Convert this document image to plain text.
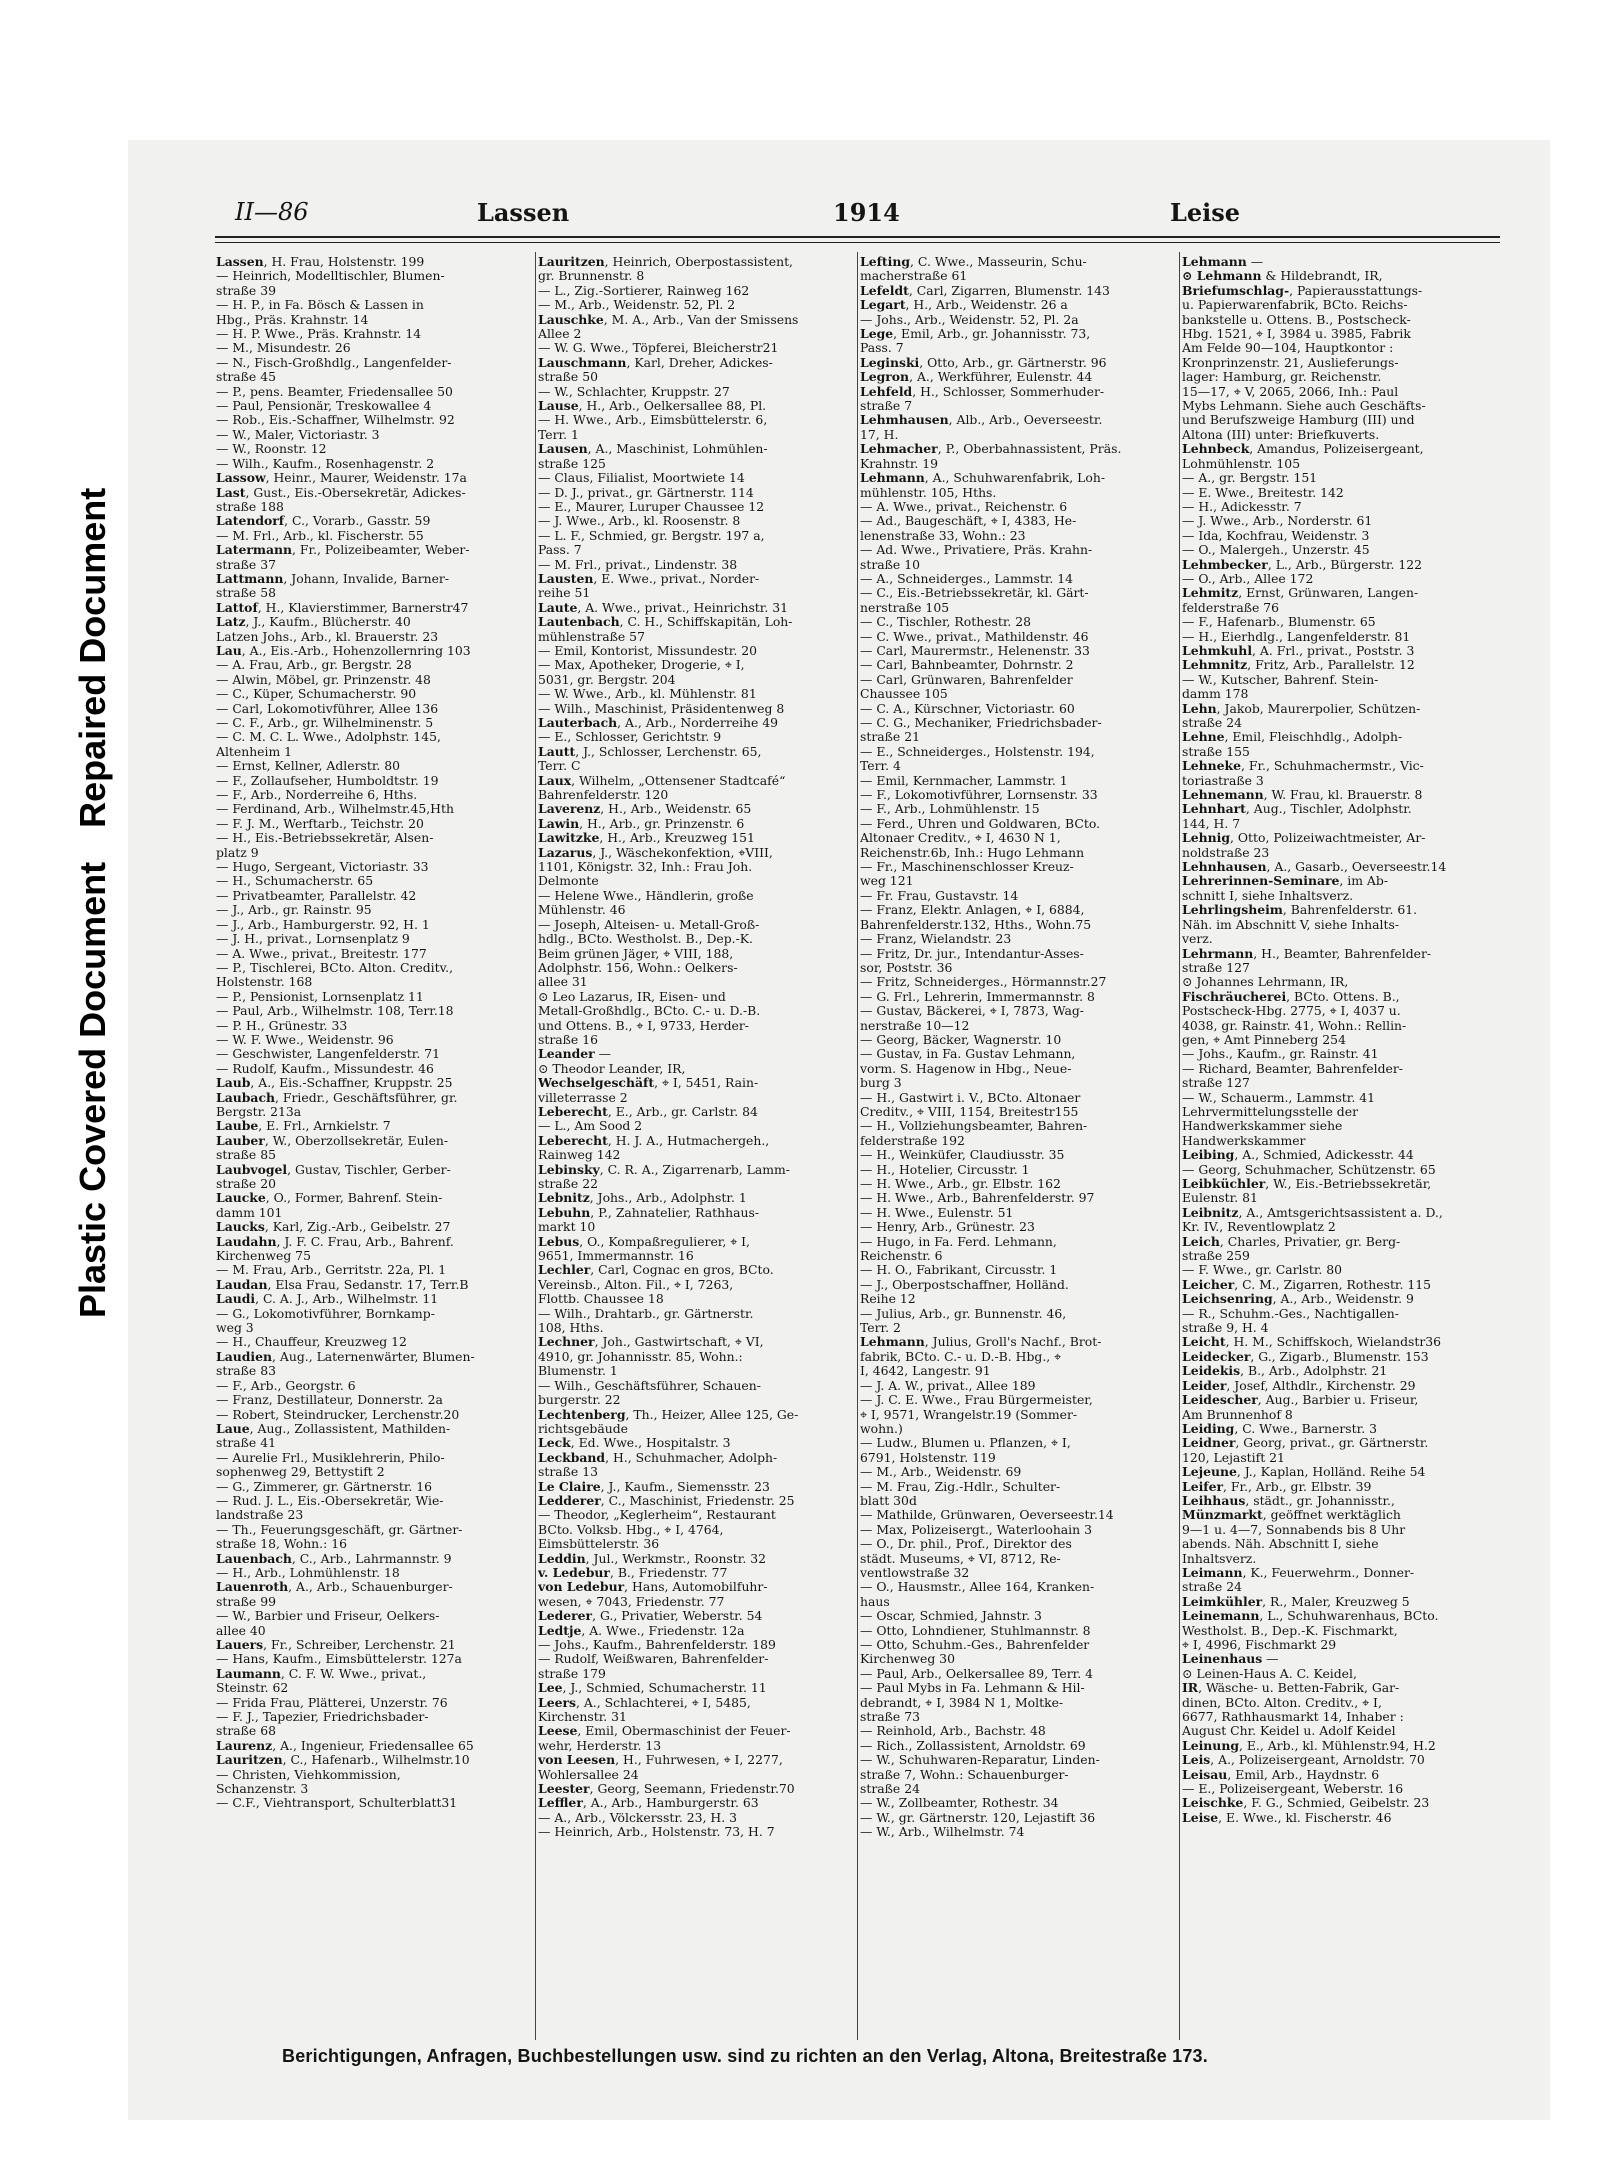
Plastic Covered Document
Repaired Document
II—86	Lassen	1914	Leise

Lassen, H. Frau, Holstenstr. 199

— Heinrich, Modelltischler, Blumen-

straße 39

— H. P., in Fa. Bösch & Lassen in

Hbg., Präs. Krahnstr. 14

— H. P. Wwe., Präs. Krahnstr. 14

— M., Misundestr. 26

— N., Fisch-Großhdlg., Langenfelder-

straße 45

— P., pens. Beamter, Friedensallee 50

— Paul, Pensionär, Treskowallee 4

— Rob., Eis.-Schaffner, Wilhelmstr. 92

— W., Maler, Victoriastr. 3

— W., Roonstr. 12

— Wilh., Kaufm., Rosenhagenstr. 2

Lassow, Heinr., Maurer, Weidenstr. 17a

Last, Gust., Eis.-Obersekretär, Adickes-

straße 188

Latendorf, C., Vorarb., Gasstr. 59

— M. Frl., Arb., kl. Fischerstr. 55

Latermann, Fr., Polizeibeamter, Weber-

straße 37

Lattmann, Johann, Invalide, Barner-

straße 58

Lattof, H., Klavierstimmer, Barnerstr47

Latz, J., Kaufm., Blücherstr. 40

Latzen Johs., Arb., kl. Brauerstr. 23

Lau, A., Eis.-Arb., Hohenzollernring 103

— A. Frau, Arb., gr. Bergstr. 28

— Alwin, Möbel, gr. Prinzenstr. 48

— C., Küper, Schumacherstr. 90

— Carl, Lokomotivführer, Allee 136

— C. F., Arb., gr. Wilhelminenstr. 5

— C. M. C. L. Wwe., Adolphstr. 145,

Altenheim 1

— Ernst, Kellner, Adlerstr. 80

— F., Zollaufseher, Humboldtstr. 19

— F., Arb., Norderreihe 6, Hths.

— Ferdinand, Arb., Wilhelmstr.45,Hth

— F. J. M., Werftarb., Teichstr. 20

— H., Eis.-Betriebssekretär, Alsen-

platz 9

— Hugo, Sergeant, Victoriastr. 33

— H., Schumacherstr. 65

— Privatbeamter, Parallelstr. 42

— J., Arb., gr. Rainstr. 95

— J., Arb., Hamburgerstr. 92, H. 1

— J. H., privat., Lornsenplatz 9

— A. Wwe., privat., Breitestr. 177

— P., Tischlerei, BCto. Alton. Creditv.,

Holstenstr. 168

— P., Pensionist, Lornsenplatz 11

— Paul, Arb., Wilhelmstr. 108, Terr.18

— P. H., Grünestr. 33

— W. F. Wwe., Weidenstr. 96

— Geschwister, Langenfelderstr. 71

— Rudolf, Kaufm., Missundestr. 46

Laub, A., Eis.-Schaffner, Kruppstr. 25

Laubach, Friedr., Geschäftsführer, gr.

Bergstr. 213a

Laube, E. Frl., Arnkielstr. 7

Lauber, W., Oberzollsekretär, Eulen-

straße 85

Laubvogel, Gustav, Tischler, Gerber-

straße 20

Laucke, O., Former, Bahrenf. Stein-

damm 101

Laucks, Karl, Zig.-Arb., Geibelstr. 27

Laudahn, J. F. C. Frau, Arb., Bahrenf.

Kirchenweg 75

— M. Frau, Arb., Gerritstr. 22a, Pl. 1

Laudan, Elsa Frau, Sedanstr. 17, Terr.B

Laudi, C. A. J., Arb., Wilhelmstr. 11

— G., Lokomotivführer, Bornkamp-

weg 3

— H., Chauffeur, Kreuzweg 12

Laudien, Aug., Laternenwärter, Blumen-

straße 83

— F., Arb., Georgstr. 6

— Franz, Destillateur, Donnerstr. 2a

— Robert, Steindrucker, Lerchenstr.20

Laue, Aug., Zollassistent, Mathilden-

straße 41

— Aurelie Frl., Musiklehrerin, Philo-

sophenweg 29, Bettystift 2

— G., Zimmerer, gr. Gärtnerstr. 16

— Rud. J. L., Eis.-Obersekretär, Wie-

landstraße 23

— Th., Feuerungsgeschäft, gr. Gärtner-

straße 18, Wohn.: 16

Lauenbach, C., Arb., Lahrmannstr. 9

— H., Arb., Lohmühlenstr. 18

Lauenroth, A., Arb., Schauenburger-

straße 99

— W., Barbier und Friseur, Oelkers-

allee 40

Lauers, Fr., Schreiber, Lerchenstr. 21

— Hans, Kaufm., Eimsbüttelerstr. 127a

Laumann, C. F. W. Wwe., privat.,

Steinstr. 62

— Frida Frau, Plätterei, Unzerstr. 76

— F. J., Tapezier, Friedrichsbader-

straße 68

Laurenz, A., Ingenieur, Friedensallee 65

Lauritzen, C., Hafenarb., Wilhelmstr.10

— Christen, Viehkommission,

Schanzenstr. 3

— C.F., Viehtransport, Schulterblatt31

Lauritzen, Heinrich, Oberpostassistent,

gr. Brunnenstr. 8

— L., Zig.-Sortierer, Rainweg 162

— M., Arb., Weidenstr. 52, Pl. 2

Lauschke, M. A., Arb., Van der Smissens

Allee 2

— W. G. Wwe., Töpferei, Bleicherstr21

Lauschmann, Karl, Dreher, Adickes-

straße 50

— W., Schlachter, Kruppstr. 27

Lause, H., Arb., Oelkersallee 88, Pl.

— H. Wwe., Arb., Eimsbüttelerstr. 6,

Terr. 1

Lausen, A., Maschinist, Lohmühlen-

straße 125

— Claus, Filialist, Moortwiete 14

— D. J., privat., gr. Gärtnerstr. 114

— E., Maurer, Luruper Chaussee 12

— J. Wwe., Arb., kl. Roosenstr. 8

— L. F., Schmied, gr. Bergstr. 197 a,

Pass. 7

— M. Frl., privat., Lindenstr. 38

Lausten, E. Wwe., privat., Norder-

reihe 51

Laute, A. Wwe., privat., Heinrichstr. 31

Lautenbach, C. H., Schiffskapitän, Loh-

mühlenstraße 57

— Emil, Kontorist, Missundestr. 20

— Max, Apotheker, Drogerie, ⌖ I,

5031, gr. Bergstr. 204

— W. Wwe., Arb., kl. Mühlenstr. 81

— Wilh., Maschinist, Präsidentenweg 8

Lauterbach, A., Arb., Norderreihe 49

— E., Schlosser, Gerichtstr. 9

Lautt, J., Schlosser, Lerchenstr. 65,

Terr. C

Laux, Wilhelm, „Ottensener Stadtcafé“

Bahrenfelderstr. 120

Laverenz, H., Arb., Weidenstr. 65

Lawin, H., Arb., gr. Prinzenstr. 6

Lawitzke, H., Arb., Kreuzweg 151

Lazarus, J., Wäschekonfektion, ⌖VIII,

1101, Königstr. 32, Inh.: Frau Joh.

Delmonte

— Helene Wwe., Händlerin, große

Mühlenstr. 46

— Joseph, Alteisen- u. Metall-Groß-

hdlg., BCto. Westholst. B., Dep.-K.

Beim grünen Jäger, ⌖ VIII, 188,

Adolphstr. 156, Wohn.: Oelkers-

allee 31

⊙ Leo Lazarus, IR, Eisen- und

Metall-Großhdlg., BCto. C.- u. D.-B.

und Ottens. B., ⌖ I, 9733, Herder-

straße 16

Leander —

⊙ Theodor Leander, IR,

Wechselgeschäft, ⌖ I, 5451, Rain-

villeterrasse 2

Leberecht, E., Arb., gr. Carlstr. 84

— L., Am Sood 2

Leberecht, H. J. A., Hutmachergeh.,

Rainweg 142

Lebinsky, C. R. A., Zigarrenarb, Lamm-

straße 22

Lebnitz, Johs., Arb., Adolphstr. 1

Lebuhn, P., Zahnatelier, Rathhaus-

markt 10

Lebus, O., Kompaßregulierer, ⌖ I,

9651, Immermannstr. 16

Lechler, Carl, Cognac en gros, BCto.

Vereinsb., Alton. Fil., ⌖ I, 7263,

Flottb. Chaussee 18

— Wilh., Drahtarb., gr. Gärtnerstr.

108, Hths.

Lechner, Joh., Gastwirtschaft, ⌖ VI,

4910, gr. Johannisstr. 85, Wohn.:

Blumenstr. 1

— Wilh., Geschäftsführer, Schauen-

burgerstr. 22

Lechtenberg, Th., Heizer, Allee 125, Ge-

richtsgebäude

Leck, Ed. Wwe., Hospitalstr. 3

Leckband, H., Schuhmacher, Adolph-

straße 13

Le Claire, J., Kaufm., Siemensstr. 23

Ledderer, C., Maschinist, Friedenstr. 25

— Theodor, „Keglerheim“, Restaurant

BCto. Volksb. Hbg., ⌖ I, 4764,

Eimsbüttelerstr. 36

Leddin, Jul., Werkmstr., Roonstr. 32

v. Ledebur, B., Friedenstr. 77

von Ledebur, Hans, Automobilfuhr-

wesen, ⌖ 7043, Friedenstr. 77

Lederer, G., Privatier, Weberstr. 54

Ledtje, A. Wwe., Friedenstr. 12a

— Johs., Kaufm., Bahrenfelderstr. 189

— Rudolf, Weißwaren, Bahrenfelder-

straße 179

Lee, J., Schmied, Schumacherstr. 11

Leers, A., Schlachterei, ⌖ I, 5485,

Kirchenstr. 31

Leese, Emil, Obermaschinist der Feuer-

wehr, Herderstr. 13

von Leesen, H., Fuhrwesen, ⌖ I, 2277,

Wohlersallee 24

Leester, Georg, Seemann, Friedenstr.70

Leffler, A., Arb., Hamburgerstr. 63

— A., Arb., Völckersstr. 23, H. 3

— Heinrich, Arb., Holstenstr. 73, H. 7

Lefting, C. Wwe., Masseurin, Schu-

macherstraße 61

Lefeldt, Carl, Zigarren, Blumenstr. 143

Legart, H., Arb., Weidenstr. 26 a

— Johs., Arb., Weidenstr. 52, Pl. 2a

Lege, Emil, Arb., gr. Johannisstr. 73,

Pass. 7

Leginski, Otto, Arb., gr. Gärtnerstr. 96

Legron, A., Werkführer, Eulenstr. 44

Lehfeld, H., Schlosser, Sommerhuder-

straße 7

Lehmhausen, Alb., Arb., Oeverseestr.

17, H.

Lehmacher, P., Oberbahnassistent, Präs.

Krahnstr. 19

Lehmann, A., Schuhwarenfabrik, Loh-

mühlenstr. 105, Hths.

— A. Wwe., privat., Reichenstr. 6

— Ad., Baugeschäft, ⌖ I, 4383, He-

lenenstraße 33, Wohn.: 23

— Ad. Wwe., Privatiere, Präs. Krahn-

straße 10

— A., Schneiderges., Lammstr. 14

— C., Eis.-Betriebssekretär, kl. Gärt-

nerstraße 105

— C., Tischler, Rothestr. 28

— C. Wwe., privat., Mathildenstr. 46

— Carl, Maurermstr., Helenenstr. 33

— Carl, Bahnbeamter, Dohrnstr. 2

— Carl, Grünwaren, Bahrenfelder

Chaussee 105

— C. A., Kürschner, Victoriastr. 60

— C. G., Mechaniker, Friedrichsbader-

straße 21

— E., Schneiderges., Holstenstr. 194,

Terr. 4

— Emil, Kernmacher, Lammstr. 1

— F., Lokomotivführer, Lornsenstr. 33

— F., Arb., Lohmühlenstr. 15

— Ferd., Uhren und Goldwaren, BCto.

Altonaer Creditv., ⌖ I, 4630 N 1,

Reichenstr.6b, Inh.: Hugo Lehmann

— Fr., Maschinenschlosser Kreuz-

weg 121

— Fr. Frau, Gustavstr. 14

— Franz, Elektr. Anlagen, ⌖ I, 6884,

Bahrenfelderstr.132, Hths., Wohn.75

— Franz, Wielandstr. 23

— Fritz, Dr. jur., Intendantur-Asses-

sor, Poststr. 36

— Fritz, Schneiderges., Hörmannstr.27

— G. Frl., Lehrerin, Immermannstr. 8

— Gustav, Bäckerei, ⌖ I, 7873, Wag-

nerstraße 10—12

— Georg, Bäcker, Wagnerstr. 10

— Gustav, in Fa. Gustav Lehmann,

vorm. S. Hagenow in Hbg., Neue-

burg 3

— H., Gastwirt i. V., BCto. Altonaer

Creditv., ⌖ VIII, 1154, Breitestr155

— H., Vollziehungsbeamter, Bahren-

felderstraße 192

— H., Weinküfer, Claudiusstr. 35

— H., Hotelier, Circusstr. 1

— H. Wwe., Arb., gr. Elbstr. 162

— H. Wwe., Arb., Bahrenfelderstr. 97

— H. Wwe., Eulenstr. 51

— Henry, Arb., Grünestr. 23

— Hugo, in Fa. Ferd. Lehmann,

Reichenstr. 6

— H. O., Fabrikant, Circusstr. 1

— J., Oberpostschaffner, Holländ.

Reihe 12

— Julius, Arb., gr. Bunnenstr. 46,

Terr. 2

Lehmann, Julius, Groll's Nachf., Brot-

fabrik, BCto. C.- u. D.-B. Hbg., ⌖

I, 4642, Langestr. 91

— J. A. W., privat., Allee 189

— J. C. E. Wwe., Frau Bürgermeister,

⌖ I, 9571, Wrangelstr.19 (Sommer-

wohn.)

— Ludw., Blumen u. Pflanzen, ⌖ I,

6791, Holstenstr. 119

— M., Arb., Weidenstr. 69

— M. Frau, Zig.-Hdlr., Schulter-

blatt 30d

— Mathilde, Grünwaren, Oeverseestr.14

— Max, Polizeisergt., Waterloohain 3

— O., Dr. phil., Prof., Direktor des

städt. Museums, ⌖ VI, 8712, Re-

ventlowstraße 32

— O., Hausmstr., Allee 164, Kranken-

haus

— Oscar, Schmied, Jahnstr. 3

— Otto, Lohndiener, Stuhlmannstr. 8

— Otto, Schuhm.-Ges., Bahrenfelder

Kirchenweg 30

— Paul, Arb., Oelkersallee 89, Terr. 4

— Paul Mybs in Fa. Lehmann & Hil-

debrandt, ⌖ I, 3984 N 1, Moltke-

straße 73

— Reinhold, Arb., Bachstr. 48

— Rich., Zollassistent, Arnoldstr. 69

— W., Schuhwaren-Reparatur, Linden-

straße 7, Wohn.: Schauenburger-

straße 24

— W., Zollbeamter, Rothestr. 34

— W., gr. Gärtnerstr. 120, Lejastift 36

— W., Arb., Wilhelmstr. 74

Lehmann —

⊙ Lehmann & Hildebrandt, IR,

Briefumschlag-, Papierausstattungs-

u. Papierwarenfabrik, BCto. Reichs-

bankstelle u. Ottens. B., Postscheck-

Hbg. 1521, ⌖ I, 3984 u. 3985, Fabrik

Am Felde 90—104, Hauptkontor :

Kronprinzenstr. 21, Auslieferungs-

lager: Hamburg, gr. Reichenstr.

15—17, ⌖ V, 2065, 2066, Inh.: Paul

Mybs Lehmann. Siehe auch Geschäfts-

und Berufszweige Hamburg (III) und

Altona (III) unter: Briefkuverts.

Lehnbeck, Amandus, Polizeisergeant,

Lohmühlenstr. 105

— A., gr. Bergstr. 151

— E. Wwe., Breitestr. 142

— H., Adickesstr. 7

— J. Wwe., Arb., Norderstr. 61

— Ida, Kochfrau, Weidenstr. 3

— O., Malergeh., Unzerstr. 45

Lehmbecker, L., Arb., Bürgerstr. 122

— O., Arb., Allee 172

Lehmitz, Ernst, Grünwaren, Langen-

felderstraße 76

— F., Hafenarb., Blumenstr. 65

— H., Eierhdlg., Langenfelderstr. 81

Lehmkuhl, A. Frl., privat., Poststr. 3

Lehmnitz, Fritz, Arb., Parallelstr. 12

— W., Kutscher, Bahrenf. Stein-

damm 178

Lehn, Jakob, Maurerpolier, Schützen-

straße 24

Lehne, Emil, Fleischhdlg., Adolph-

straße 155

Lehneke, Fr., Schuhmachermstr., Vic-

toriastraße 3

Lehnemann, W. Frau, kl. Brauerstr. 8

Lehnhart, Aug., Tischler, Adolphstr.

144, H. 7

Lehnig, Otto, Polizeiwachtmeister, Ar-

noldstraße 23

Lehnhausen, A., Gasarb., Oeverseestr.14

Lehrerinnen-Seminare, im Ab-

schnitt I, siehe Inhaltsverz.

Lehrlingsheim, Bahrenfelderstr. 61.

Näh. im Abschnitt V, siehe Inhalts-

verz.

Lehrmann, H., Beamter, Bahrenfelder-

straße 127

⊙ Johannes Lehrmann, IR,

Fischräucherei, BCto. Ottens. B.,

Postscheck-Hbg. 2775, ⌖ I, 4037 u.

4038, gr. Rainstr. 41, Wohn.: Rellin-

gen, ⌖ Amt Pinneberg 254

— Johs., Kaufm., gr. Rainstr. 41

— Richard, Beamter, Bahrenfelder-

straße 127

— W., Schauerm., Lammstr. 41

Lehrvermittelungsstelle der

Handwerkskammer siehe

Handwerkskammer

Leibing, A., Schmied, Adickesstr. 44

— Georg, Schuhmacher, Schützenstr. 65

Leibküchler, W., Eis.-Betriebssekretär,

Eulenstr. 81

Leibnitz, A., Amtsgerichtsassistent a. D.,

Kr. IV., Reventlowplatz 2

Leich, Charles, Privatier, gr. Berg-

straße 259

— F. Wwe., gr. Carlstr. 80

Leicher, C. M., Zigarren, Rothestr. 115

Leichsenring, A., Arb., Weidenstr. 9

— R., Schuhm.-Ges., Nachtigallen-

straße 9, H. 4

Leicht, H. M., Schiffskoch, Wielandstr36

Leidecker, G., Zigarb., Blumenstr. 153

Leidekis, B., Arb., Adolphstr. 21

Leider, Josef, Althdlr., Kirchenstr. 29

Leidescher, Aug., Barbier u. Friseur,

Am Brunnenhof 8

Leiding, C. Wwe., Barnerstr. 3

Leidner, Georg, privat., gr. Gärtnerstr.

120, Lejastift 21

Lejeune, J., Kaplan, Holländ. Reihe 54

Leifer, Fr., Arb., gr. Elbstr. 39

Leihhaus, städt., gr. Johannisstr.,

Münzmarkt, geöffnet werktäglich

9—1 u. 4—7, Sonnabends bis 8 Uhr

abends. Näh. Abschnitt I, siehe

Inhaltsverz.

Leimann, K., Feuerwehrm., Donner-

straße 24

Leimkühler, R., Maler, Kreuzweg 5

Leinemann, L., Schuhwarenhaus, BCto.

Westholst. B., Dep.-K. Fischmarkt,

⌖ I, 4996, Fischmarkt 29

Leinenhaus —

⊙ Leinen-Haus A. C. Keidel,

IR, Wäsche- u. Betten-Fabrik, Gar-

dinen, BCto. Alton. Creditv., ⌖ I,

6677, Rathhausmarkt 14, Inhaber :

August Chr. Keidel u. Adolf Keidel

Leinung, E., Arb., kl. Mühlenstr.94, H.2

Leis, A., Polizeisergeant, Arnoldstr. 70

Leisau, Emil, Arb., Haydnstr. 6

— E., Polizeisergeant, Weberstr. 16

Leischke, F. G., Schmied, Geibelstr. 23

Leise, E. Wwe., kl. Fischerstr. 46

Berichtigungen, Anfragen, Buchbestellungen usw. sind zu richten an den Verlag, Altona, Breitestraße 173.
